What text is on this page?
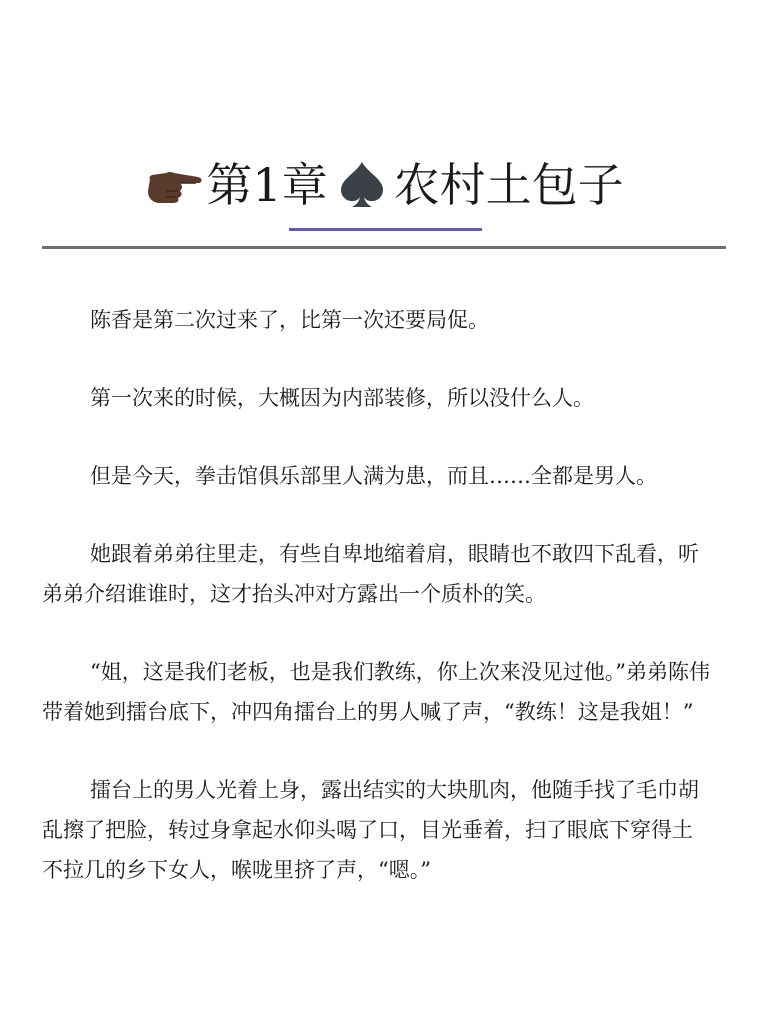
第1章 农村土包子

陈香是第二次过来了，比第一次还要局促。

第一次来的时候，大概因为内部装修，所以没什么人。

但是今天，拳击馆俱乐部里人满为患，而且……全都是男人。

她跟着弟弟往里走，有些自卑地缩着肩，眼睛也不敢四下乱看，听弟弟介绍谁谁时，这才抬头冲对方露出一个质朴的笑。

“姐，这是我们老板，也是我们教练，你上次来没见过他。”弟弟陈伟带着她到擂台底下，冲四角擂台上的男人喊了声，“教练！这是我姐！”

擂台上的男人光着上身，露出结实的大块肌肉，他随手找了毛巾胡乱擦了把脸，转过身拿起水仰头喝了口，目光垂着，扫了眼底下穿得土不拉几的乡下女人，喉咙里挤了声，“嗯。”
